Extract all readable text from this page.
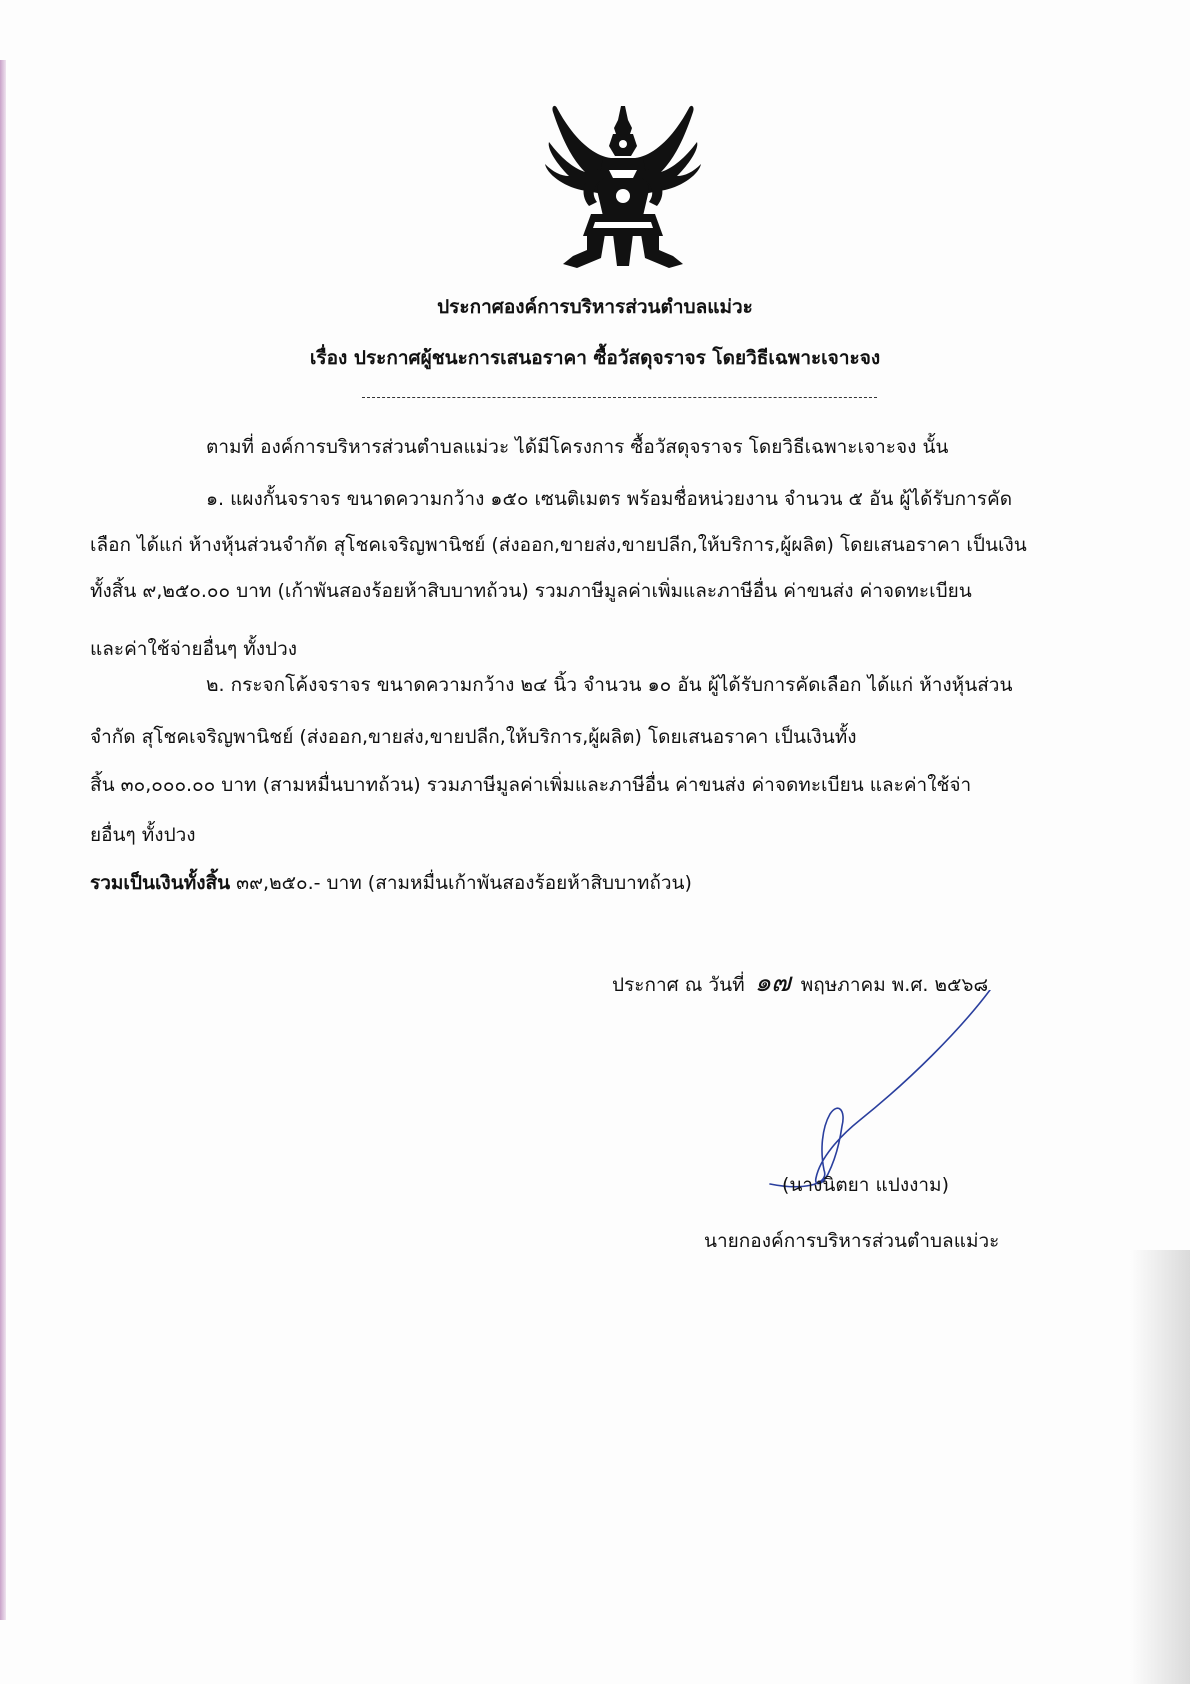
ประกาศองค์การบริหารส่วนตำบลแม่วะ
เรื่อง ประกาศผู้ชนะการเสนอราคา ซื้อวัสดุจราจร โดยวิธีเฉพาะเจาะจง
ตามที่ องค์การบริหารส่วนตำบลแม่วะ ได้มีโครงการ ซื้อวัสดุจราจร โดยวิธีเฉพาะเจาะจง นั้น
๑. แผงกั้นจราจร ขนาดความกว้าง ๑๕๐ เซนติเมตร พร้อมชื่อหน่วยงาน จำนวน ๕ อัน ผู้ได้รับการคัด
เลือก ได้แก่ ห้างหุ้นส่วนจำกัด สุโชคเจริญพานิชย์ (ส่งออก,ขายส่ง,ขายปลีก,ให้บริการ,ผู้ผลิต) โดยเสนอราคา เป็นเงิน
ทั้งสิ้น ๙,๒๕๐.๐๐ บาท (เก้าพันสองร้อยห้าสิบบาทถ้วน) รวมภาษีมูลค่าเพิ่มและภาษีอื่น ค่าขนส่ง ค่าจดทะเบียน
และค่าใช้จ่ายอื่นๆ ทั้งปวง
๒. กระจกโค้งจราจร ขนาดความกว้าง ๒๔ นิ้ว จำนวน ๑๐ อัน ผู้ได้รับการคัดเลือก ได้แก่ ห้างหุ้นส่วน
จำกัด สุโชคเจริญพานิชย์ (ส่งออก,ขายส่ง,ขายปลีก,ให้บริการ,ผู้ผลิต) โดยเสนอราคา เป็นเงินทั้ง
สิ้น ๓๐,๐๐๐.๐๐ บาท (สามหมื่นบาทถ้วน) รวมภาษีมูลค่าเพิ่มและภาษีอื่น ค่าขนส่ง ค่าจดทะเบียน และค่าใช้จ่า
ยอื่นๆ ทั้งปวง
รวมเป็นเงินทั้งสิ้น ๓๙,๒๕๐.- บาท (สามหมื่นเก้าพันสองร้อยห้าสิบบาทถ้วน)
ประกาศ ณ วันที่ ๑๗ พฤษภาคม พ.ศ. ๒๕๖๘
(นางนิตยา แปงงาม)
นายกองค์การบริหารส่วนตำบลแม่วะ
